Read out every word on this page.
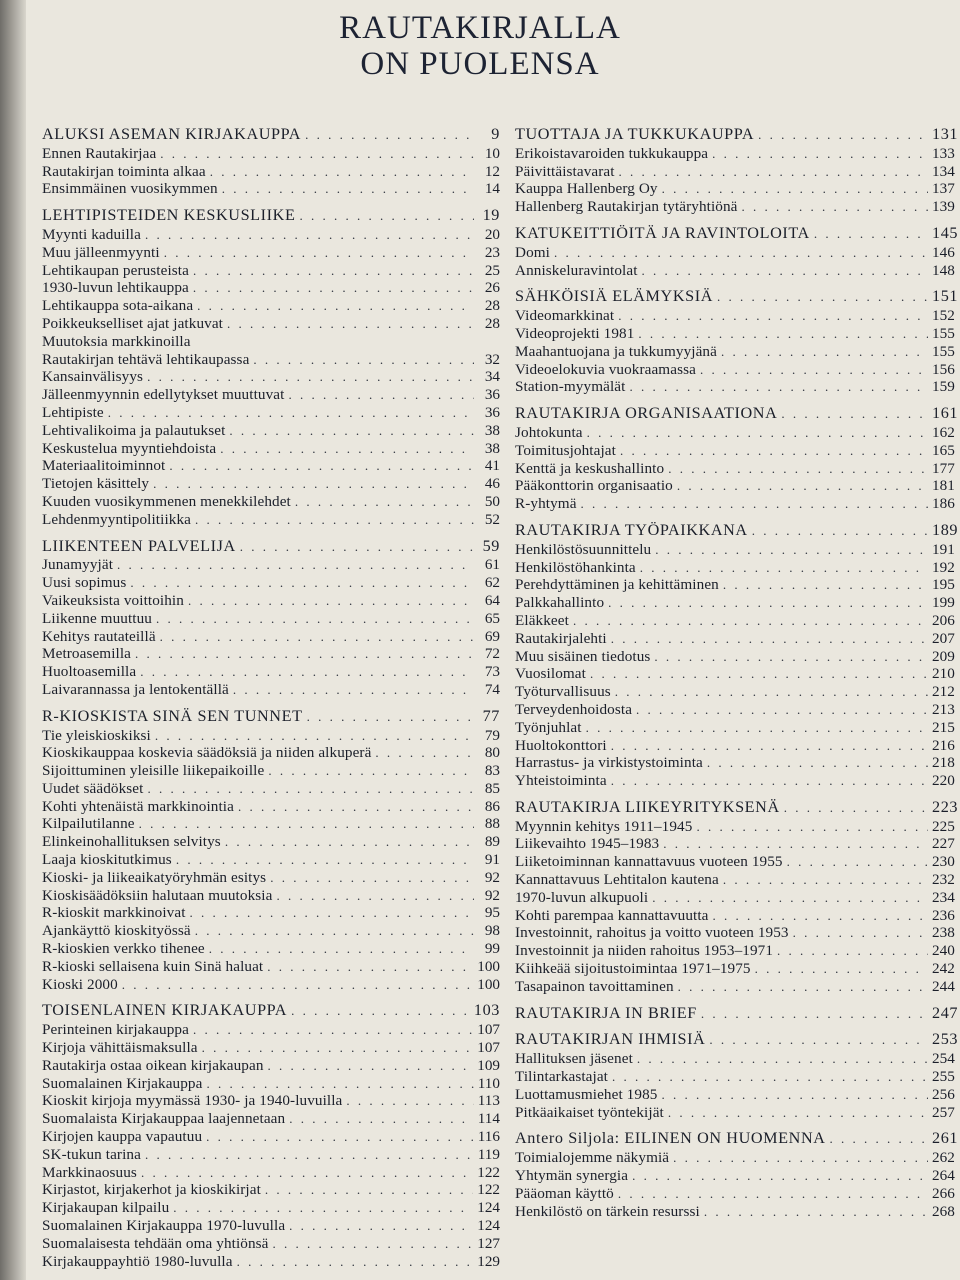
RAUTAKIRJALLA
ON PUOLENSA
ALUKSI ASEMAN KIRJAKAUPPA . . .	9
Ennen Rautakirjaa . . .	10
Rautakirjan toiminta alkaa . . .	12
Ensimmäinen vuosikymmen . . .	14
LEHTIPISTEIDEN KESKUSLIIKE . . .	19
Myynti kaduilla . . .	20
Muu jälleenmyynti . . .	23
Lehtikaupan perusteista . . .	25
1930-luvun lehtikauppa . . .	26
Lehtikauppa sota-aikana . . .	28
Poikkeukselliset ajat jatkuvat . . .	28
Muutoksia markkinoilla
Rautakirjan tehtävä lehtikaupassa . . .	32
Kansainvälisyys . . .	34
Jälleenmyynnin edellytykset muuttuvat . . .	36
Lehtipiste . . .	36
Lehtivalikoima ja palautukset . . .	38
Keskustelua myyntiehdoista . . .	38
Materiaalitoiminnot . . .	41
Tietojen käsittely . . .	46
Kuuden vuosikymmenen menekkilehdet . . .	50
Lehdenmyyntipolitiikka . . .	52
LIIKENTEEN PALVELIJA . . .	59
Junamyyjät . . .	61
Uusi sopimus . . .	62
Vaikeuksista voittoihin . . .	64
Liikenne muuttuu . . .	65
Kehitys rautateillä . . .	69
Metroasemilla . . .	72
Huoltoasemilla . . .	73
Laivarannassa ja lentokentällä . . .	74
R-KIOSKISTA SINÄ SEN TUNNET . . .	77
Tie yleiskioskiksi . . .	79
Kioskikauppaa koskevia säädöksiä ja niiden alkuperä . . .	80
Sijoittuminen yleisille liikepaikoille . . .	83
Uudet säädökset . . .	85
Kohti yhtenäistä markkinointia . . .	86
Kilpailutilanne . . .	88
Elinkeinohallituksen selvitys . . .	89
Laaja kioskitutkimus . . .	91
Kioski- ja liikeaikatyöryhmän esitys . . .	92
Kioskisäädöksiin halutaan muutoksia . . .	92
R-kioskit markkinoivat . . .	95
Ajankäyttö kioskityössä . . .	98
R-kioskien verkko tihenee . . .	99
R-kioski sellaisena kuin Sinä haluat . . .	100
Kioski 2000 . . .	100
TOISENLAINEN KIRJAKAUPPA . . .	103
Perinteinen kirjakauppa . . .	107
Kirjoja vähittäismaksulla . . .	107
Rautakirja ostaa oikean kirjakaupan . . .	109
Suomalainen Kirjakauppa . . .	110
Kioskit kirjoja myymässä 1930- ja 1940-luvuilla . . .	113
Suomalaista Kirjakauppaa laajennetaan . . .	114
Kirjojen kauppa vapautuu . . .	116
SK-tukun tarina . . .	119
Markkinaosuus . . .	122
Kirjastot, kirjakerhot ja kioskikirjat . . .	122
Kirjakaupan kilpailu . . .	124
Suomalainen Kirjakauppa 1970-luvulla . . .	124
Suomalaisesta tehdään oma yhtiönsä . . .	127
Kirjakauppayhtiö 1980-luvulla . . .	129
TUOTTAJA JA TUKKUKAUPPA . . .	131
Erikoistavaroiden tukkukauppa . . .	133
Päivittäistavarat . . .	134
Kauppa Hallenberg Oy . . .	137
Hallenberg Rautakirjan tytäryhtiönä . . .	139
KATUKEITTIÖITÄ JA RAVINTOLOITA . . .	145
Domi . . .	146
Anniskeluravintolat . . .	148
SÄHKÖISIÄ ELÄMYKSIÄ . . .	151
Videomarkkinat . . .	152
Videoprojekti 1981 . . .	155
Maahantuojana ja tukkumyyjänä . . .	155
Videoelokuvia vuokraamassa . . .	156
Station-myymälät . . .	159
RAUTAKIRJA ORGANISAATIONA . . .	161
Johtokunta . . .	162
Toimitusjohtajat . . .	165
Kenttä ja keskushallinto . . .	177
Pääkonttorin organisaatio . . .	181
R-yhtymä . . .	186
RAUTAKIRJA TYÖPAIKKANA . . .	189
Henkilöstösuunnittelu . . .	191
Henkilöstöhankinta . . .	192
Perehdyttäminen ja kehittäminen . . .	195
Palkkahallinto . . .	199
Eläkkeet . . .	206
Rautakirjalehti . . .	207
Muu sisäinen tiedotus . . .	209
Vuosilomat . . .	210
Työturvallisuus . . .	212
Terveydenhoidosta . . .	213
Työnjuhlat . . .	215
Huoltokonttori . . .	216
Harrastus- ja virkistystoiminta . . .	218
Yhteistoiminta . . .	220
RAUTAKIRJA LIIKEYRITYKSENÄ . . .	223
Myynnin kehitys 1911–1945 . . .	225
Liikevaihto 1945–1983 . . .	227
Liiketoiminnan kannattavuus vuoteen 1955 . . .	230
Kannattavuus Lehtitalon kautena . . .	232
1970-luvun alkupuoli . . .	234
Kohti parempaa kannattavuutta . . .	236
Investoinnit, rahoitus ja voitto vuoteen 1953 . . .	238
Investoinnit ja niiden rahoitus 1953–1971 . . .	240
Kiihkeää sijoitustoimintaa 1971–1975 . . .	242
Tasapainon tavoittaminen . . .	244
RAUTAKIRJA IN BRIEF . . .	247
RAUTAKIRJAN IHMISIÄ . . .	253
Hallituksen jäsenet . . .	254
Tilintarkastajat . . .	255
Luottamusmiehet 1985 . . .	256
Pitkäaikaiset työntekijät . . .	257
Antero Siljola: EILINEN ON HUOMENNA . . .	261
Toimialojemme näkymiä . . .	262
Yhtymän synergia . . .	264
Pääoman käyttö . . .	266
Henkilöstö on tärkein resurssi . . .	268
